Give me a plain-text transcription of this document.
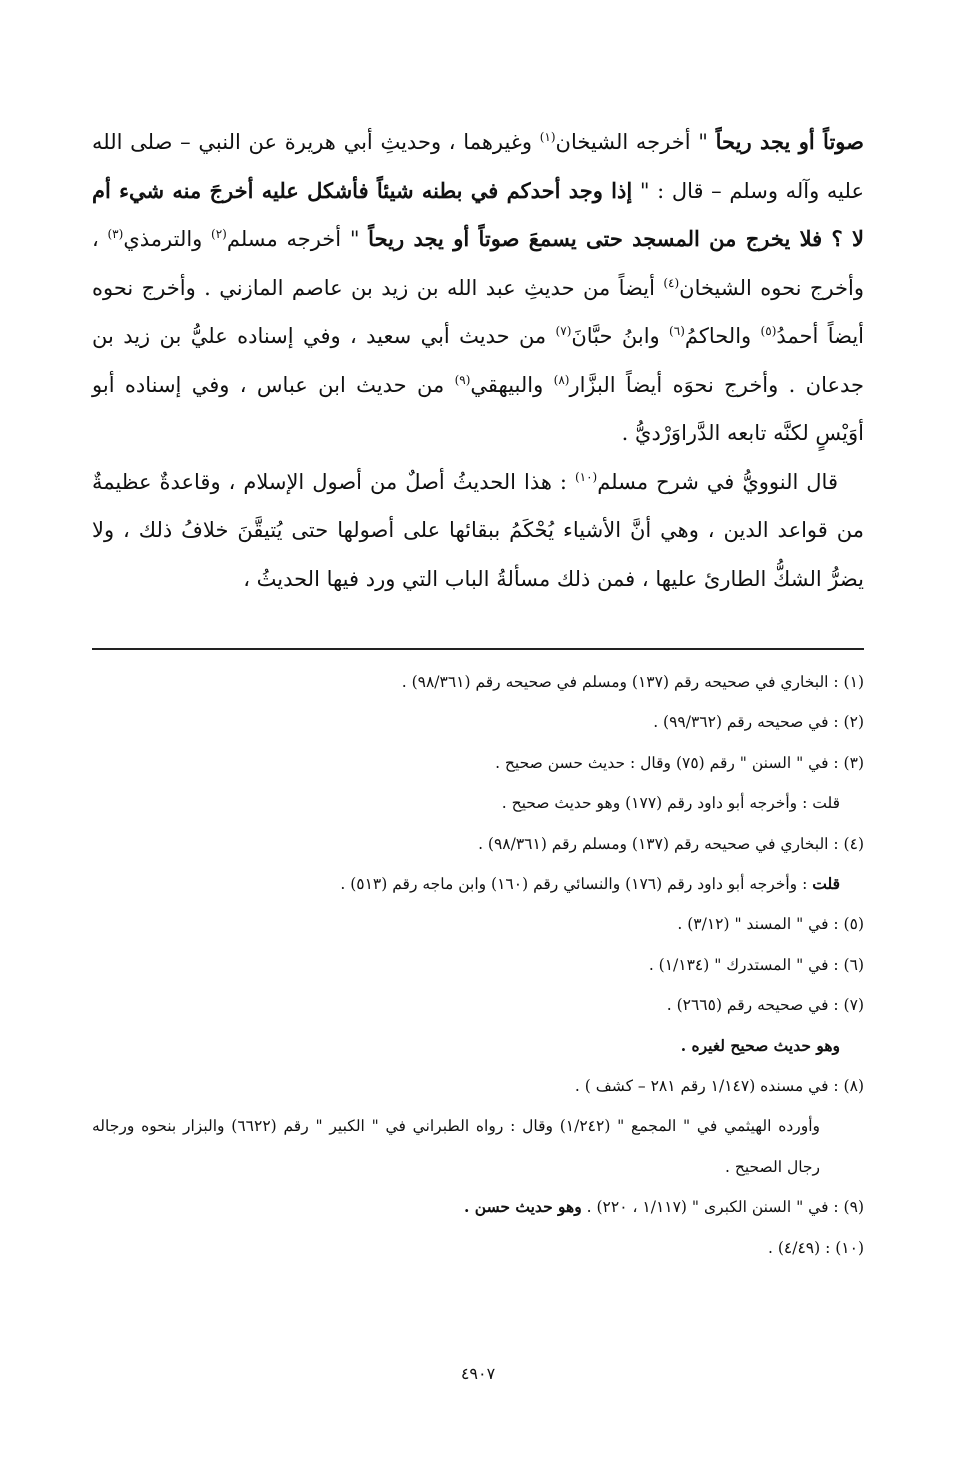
صوتاً أو يجد ريحاً " أخرجه الشيخان$^{(١)}$ وغيرهما ، وحديثِ أبي هريرة عن النبي – صلى الله عليه وآله وسلم – قال : " إذا وجد أحدكم في بطنه شيئاً فأشكل عليه أخرجَ منه شيء أم لا ؟ فلا يخرج من المسجد حتى يسمعَ صوتاً أو يجد ريحاً " أخرجه مسلم$^{(٢)}$ والترمذي$^{(٣)}$ ، وأخرج نحوه الشيخان$^{(٤)}$ أيضاً من حديثِ عبد الله بن زيد بن عاصم المازني . وأخرج نحوه أيضاً أحمدُ$^{(٥)}$ والحاكمُ$^{(٦)}$ وابنُ حبَّانَ$^{(٧)}$ من حديث أبي سعيد ، وفي إسناده عليُّ بن زيد بن جدعان . وأخرج نحوَه أيضاً البزَّار$^{(٨)}$ والبيهقي$^{(٩)}$ من حديث ابن عباس ، وفي إسناده أبو أوَيْسٍ لكنَّه تابعه الدَّراوَرْديُّ .

قال النوويُّ في شرح مسلم$^{(١٠)}$ : هذا الحديثُ أصلٌ من أصول الإسلام ، وقاعدةٌ عظيمةٌ من قواعد الدين ، وهي أنَّ الأشياء يُحْكَمُ ببقائها على أصولها حتى يُتيقَّنَ خلافُ ذلك ، ولا يضرُّ الشكُّ الطارئ عليها ، فمن ذلك مسألةُ الباب التي ورد فيها الحديثُ ،

(١) : البخاري في صحيحه رقم (١٣٧) ومسلم في صحيحه رقم (٩٨/٣٦١) .

(٢) : في صحيحه رقم (٩٩/٣٦٢) .

(٣) : في " السنن " رقم (٧٥) وقال : حديث حسن صحيح .

قلت : وأخرجه أبو داود رقم (١٧٧) وهو حديث صحيح .

(٤) : البخاري في صحيحه رقم (١٣٧) ومسلم رقم (٩٨/٣٦١) .

قلت : وأخرجه أبو داود رقم (١٧٦) والنسائي رقم (١٦٠) وابن ماجه رقم (٥١٣) .

(٥) : في " المسند " (٣/١٢) .

(٦) : في " المستدرك " (١/١٣٤) .

(٧) : في صحيحه رقم (٢٦٦٥) .

وهو حديث صحيح لغيره .

(٨) : في مسنده (١/١٤٧ رقم ٢٨١ – كشف ) .

وأورده الهيثمي في " المجمع " (١/٢٤٢) وقال : رواه الطبراني في " الكبير " رقم (٦٦٢٢) والبزار بنحوه ورجاله رجال الصحيح .

(٩) : في " السنن الكبرى " (١/١١٧ ، ٢٢٠) . وهو حديث حسن .

(١٠) : (٤/٤٩) .

٤٩٠٧
